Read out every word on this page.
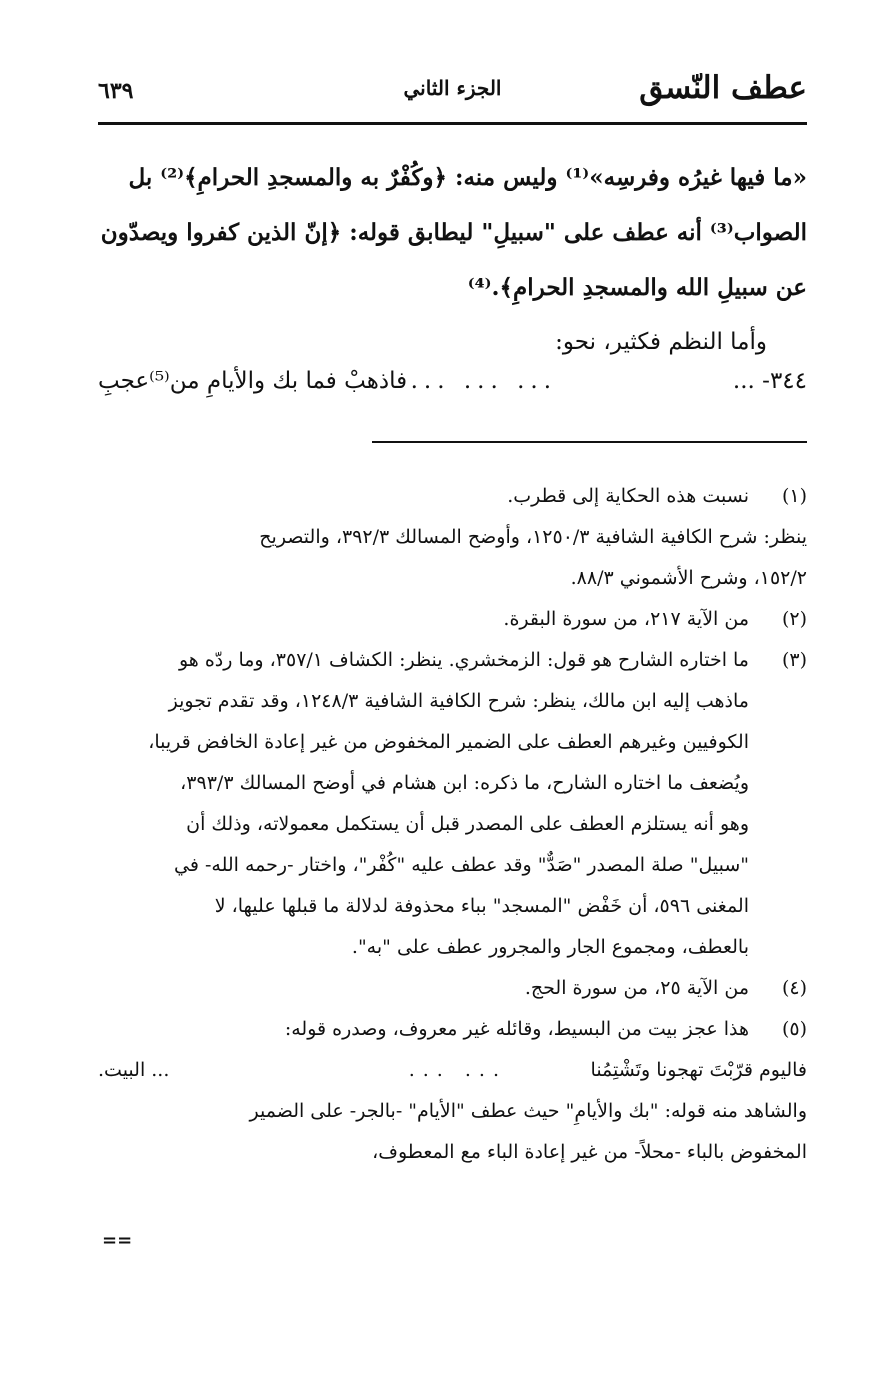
عطف النّسق
الجزء الثاني
٦٣٩

«ما فيها غيرُه وفرسِه»⁽¹⁾ وليس منه: ﴿وكُفْرٌ به والمسجدِ الحرامِ﴾⁽²⁾ بل

الصواب⁽³⁾ أنه عطف على "سبيلِ" ليطابق قوله: ﴿إنّ الذين كفروا ويصدّون

عن سبيلِ الله والمسجدِ الحرامِ﴾.⁽⁴⁾

وأما النظم فكثير، نحو:

٣٤٤- ...
... ... ...
فاذهبْ فما بك والأيامِ من⁽⁵⁾عجبِ
(١)
نسبت هذه الحكاية إلى قطرب.
ينظر: شرح الكافية الشافية ١٢٥٠/٣، وأوضح المسالك ٣٩٢/٣، والتصريح
١٥٢/٢، وشرح الأشموني ٨٨/٣.
(٢)
من الآية ٢١٧، من سورة البقرة.
(٣)
ما اختاره الشارح هو قول: الزمخشري. ينظر: الكشاف ٣٥٧/١، وما ردّه هو
ماذهب إليه ابن مالك، ينظر: شرح الكافية الشافية ١٢٤٨/٣، وقد تقدم تجويز
الكوفيين وغيرهم العطف على الضمير المخفوض من غير إعادة الخافض قريبا،
ويُضعف ما اختاره الشارح، ما ذكره: ابن هشام في أوضح المسالك ٣٩٣/٣،
وهو أنه يستلزم العطف على المصدر قبل أن يستكمل معمولاته، وذلك أن
"سبيل" صلة المصدر "صَدٌّ" وقد عطف عليه "كُفْر"، واختار -رحمه الله- في
المغنى ٥٩٦، أن خَفْض "المسجد" بباء محذوفة لدلالة ما قبلها عليها، لا
بالعطف، ومجموع الجار والمجرور عطف على "به".
(٤)
من الآية ٢٥، من سورة الحج.
(٥)
هذا عجز بيت من البسيط، وقائله غير معروف، وصدره قوله:
فاليوم قرّبْتَ تهجونا وتَشْتِمُنا
... ...
... البيت.
والشاهد منه قوله: "بك والأيامِ" حيث عطف "الأيام" -بالجر- على الضمير
المخفوض بالباء -محلاً- من غير إعادة الباء مع المعطوف،
==
